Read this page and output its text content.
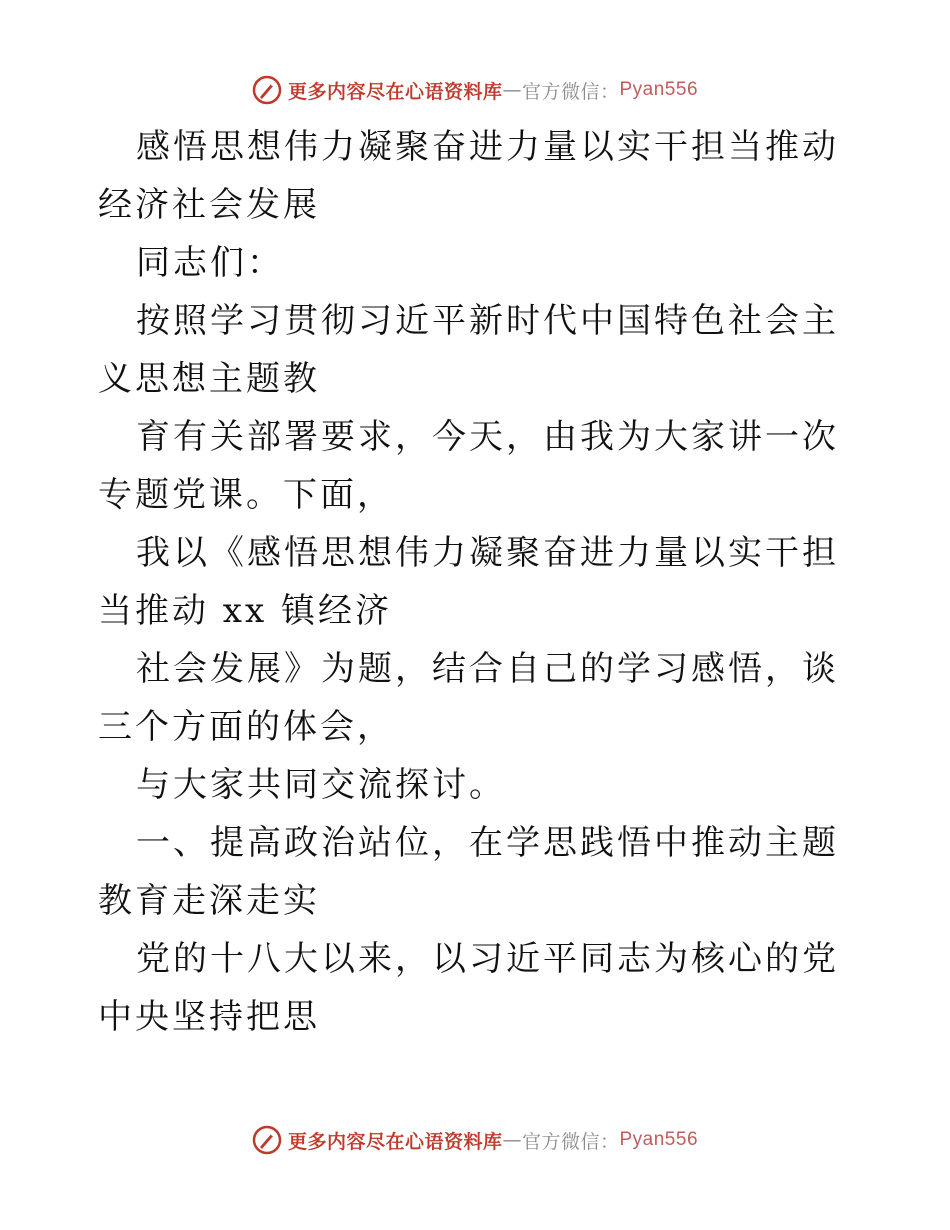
更多内容尽在心语资料库 — 官方微信： Pyan556

感悟思想伟力凝聚奋进力量以实干担当推动经济社会发展

同志们：

按照学习贯彻习近平新时代中国特色社会主义思想主题教

育有关部署要求，今天，由我为大家讲一次专题党课。下面，

我以《感悟思想伟力凝聚奋进力量以实干担当推动 xx 镇经济

社会发展》为题，结合自己的学习感悟，谈三个方面的体会，

与大家共同交流探讨。

一、提高政治站位，在学思践悟中推动主题教育走深走实

党的十八大以来，以习近平同志为核心的党中央坚持把思

更多内容尽在心语资料库 — 官方微信： Pyan556
